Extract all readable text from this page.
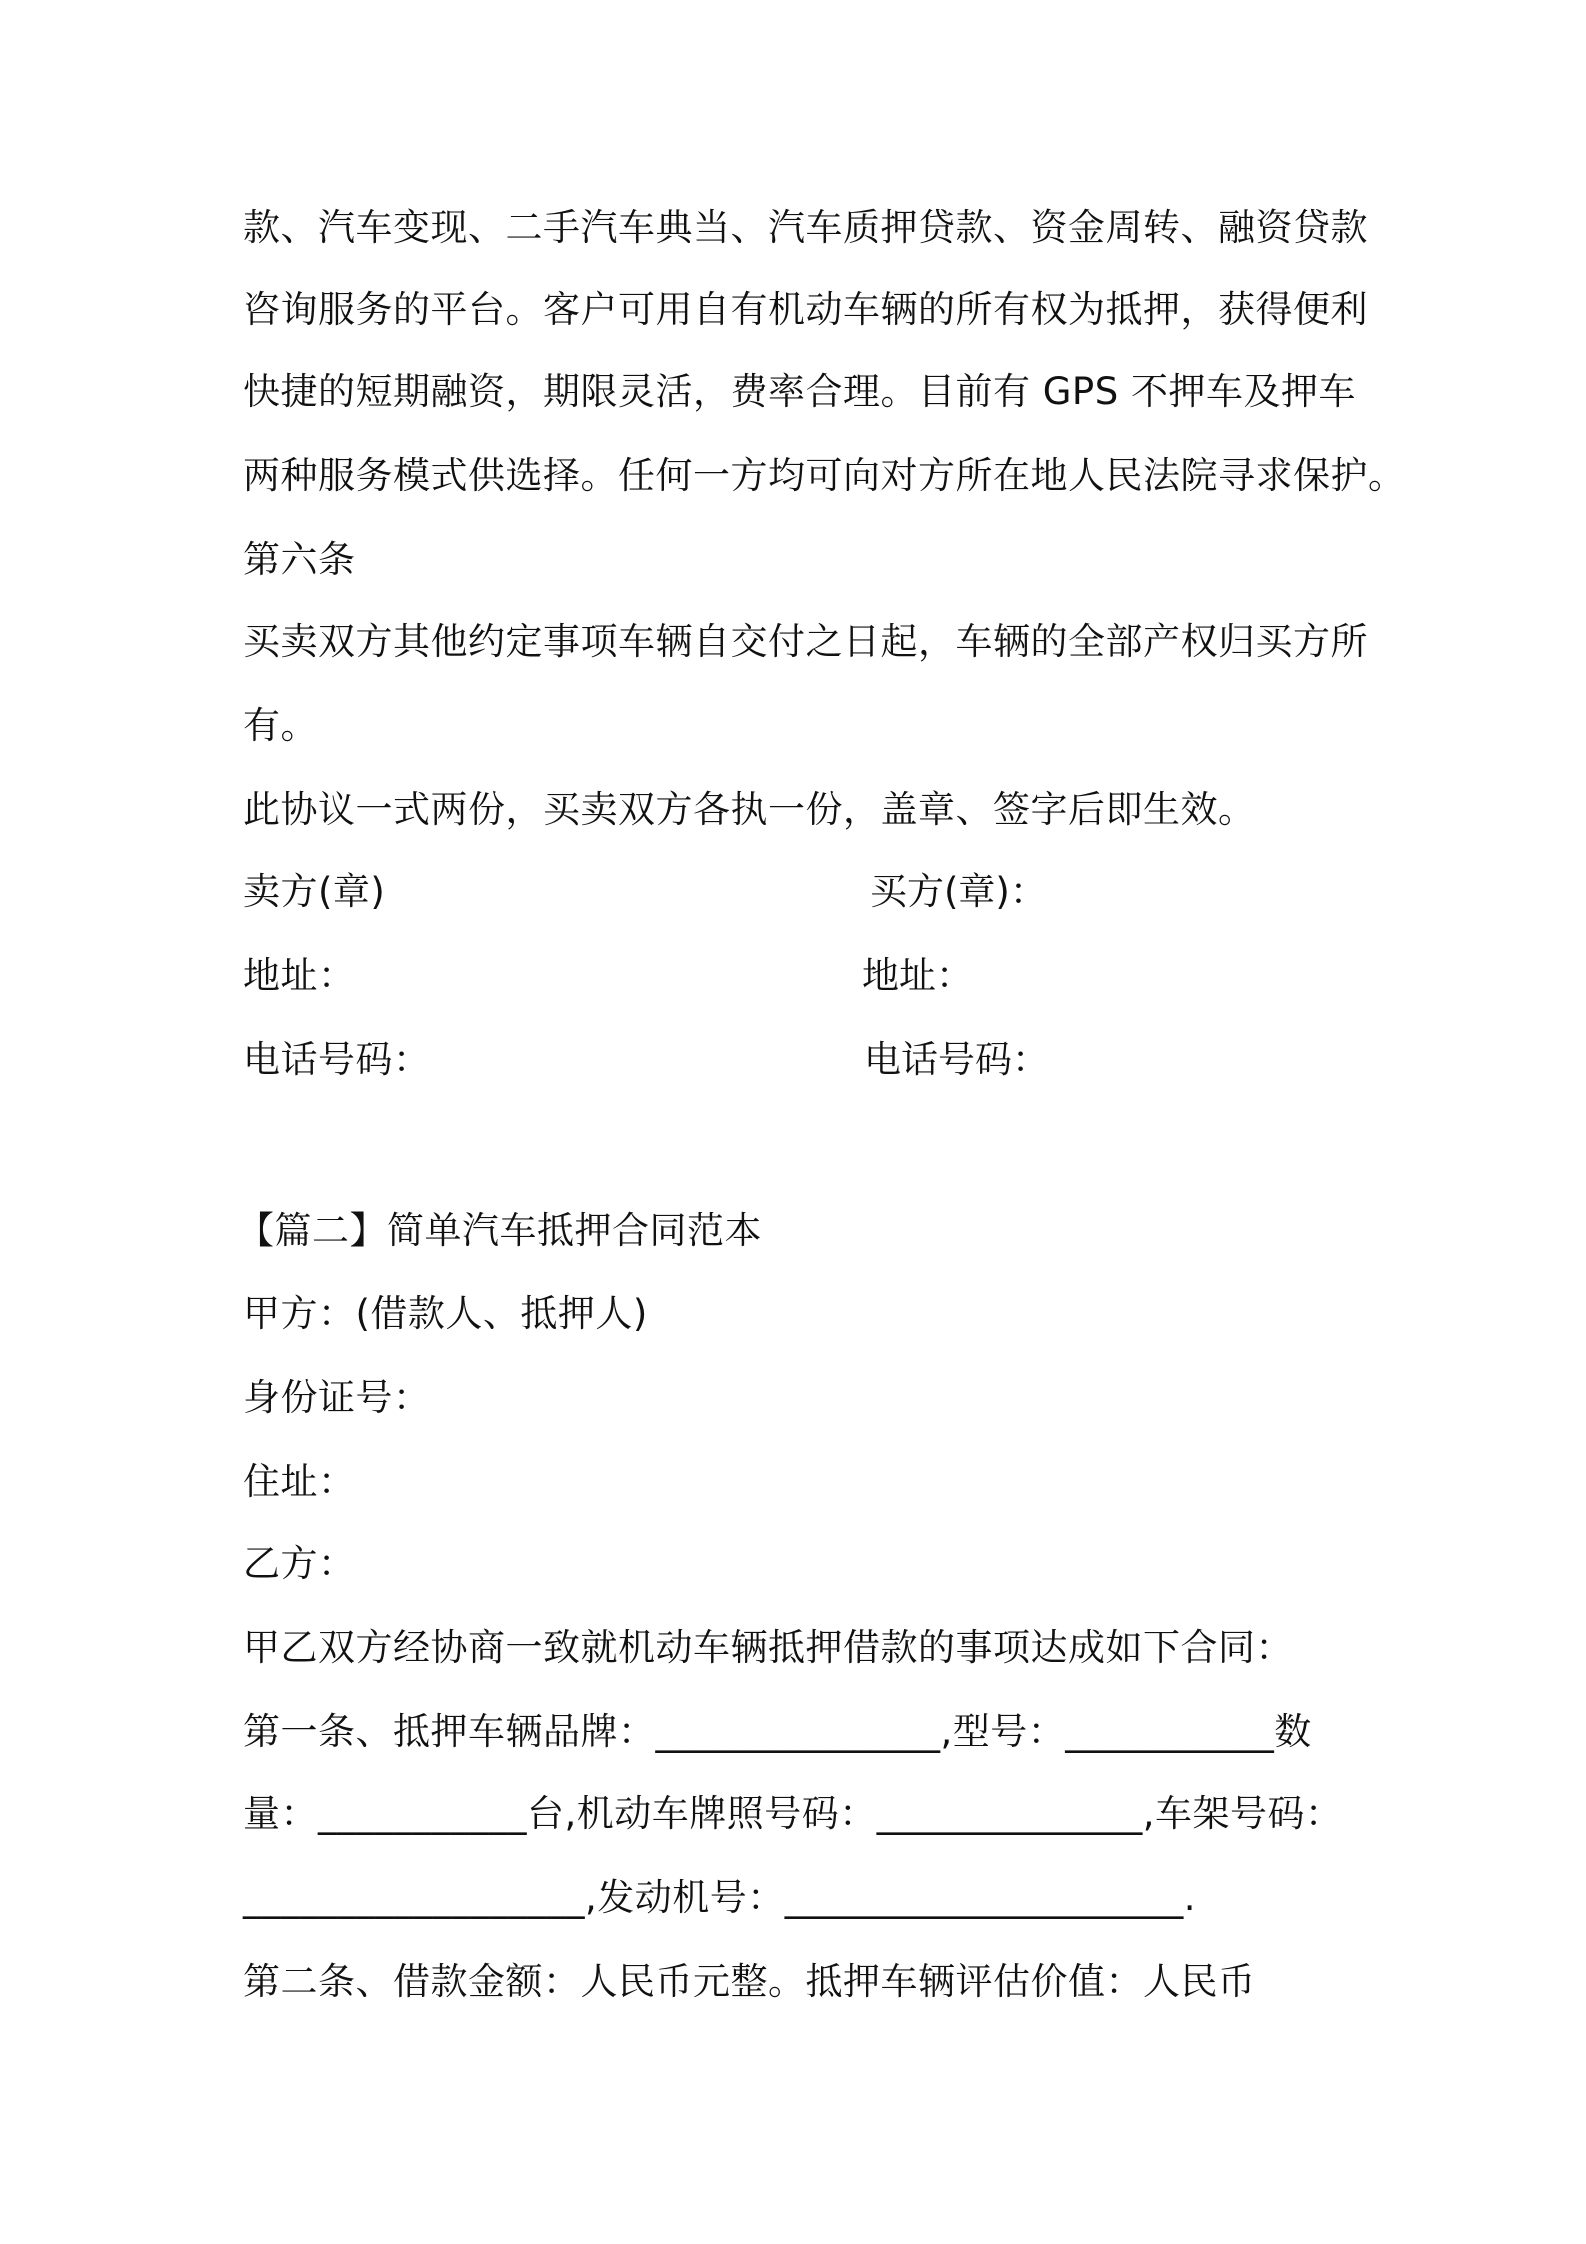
款、汽车变现、二手汽车典当、汽车质押贷款、资金周转、融资贷款
咨询服务的平台。客户可用自有机动车辆的所有权为抵押，获得便利
快捷的短期融资，期限灵活，费率合理。目前有 GPS 不押车及押车
两种服务模式供选择。任何一方均可向对方所在地人民法院寻求保护。
第六条
买卖双方其他约定事项车辆自交付之日起，车辆的全部产权归买方所
有。
此协议一式两份，买卖双方各执一份，盖章、签字后即生效。
卖方(章)	买方(章)：
地址：	地址：
电话号码：	电话号码：
【篇二】简单汽车抵押合同范本
甲方：(借款人、抵押人)
身份证号：
住址：
乙方：
甲乙双方经协商一致就机动车辆抵押借款的事项达成如下合同：
第一条、抵押车辆品牌：_______________,型号：___________数
量：___________台,机动车牌照号码：______________,车架号码：
__________________,发动机号：_____________________.
第二条、借款金额：人民币元整。抵押车辆评估价值：人民币
